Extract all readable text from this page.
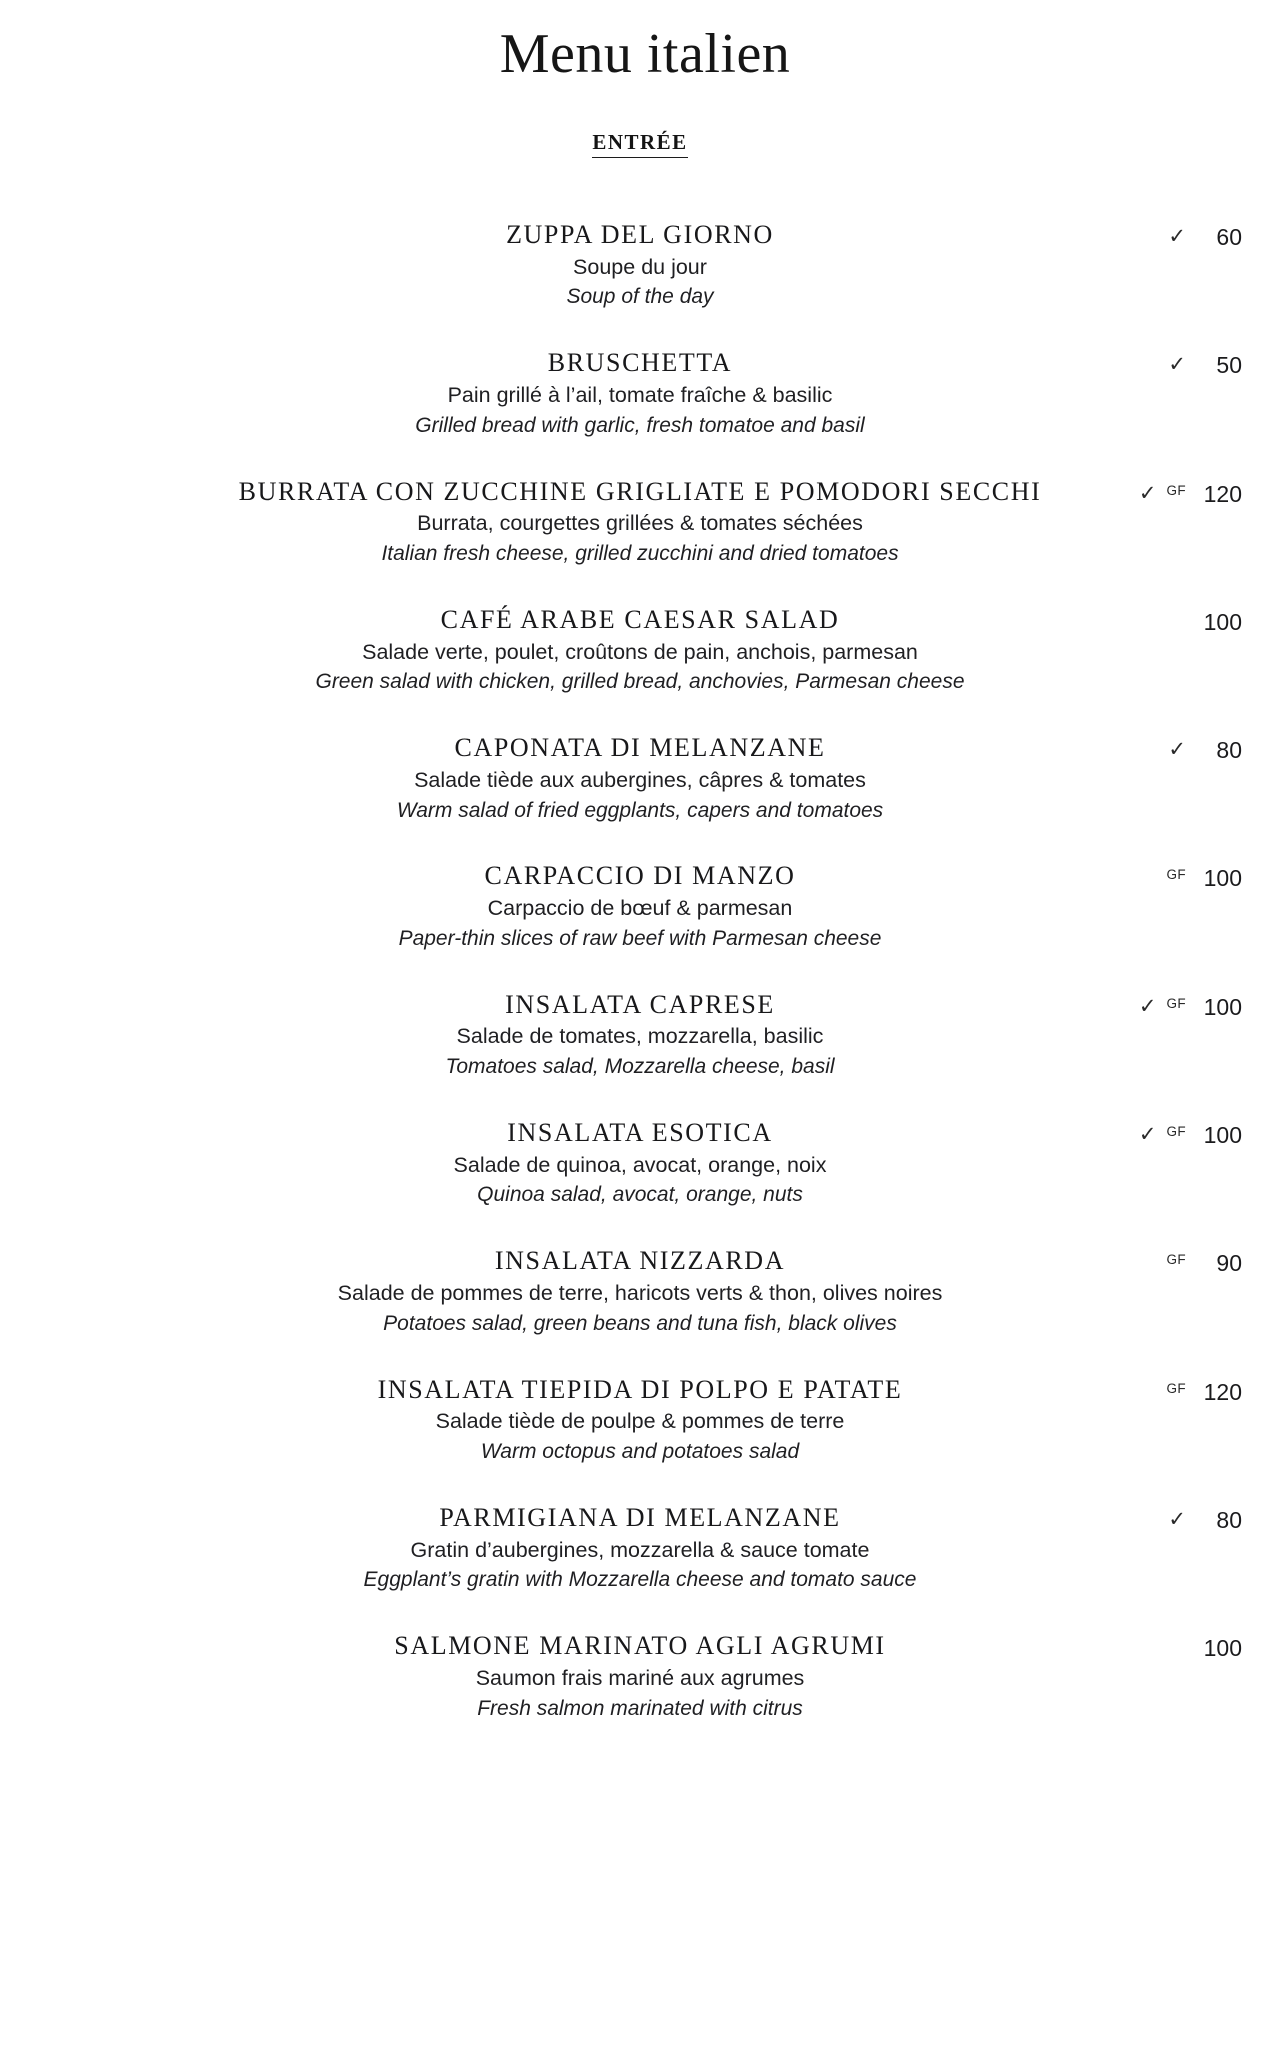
Menu italien
ENTRÉE
ZUPPA DEL GIORNO
Soupe du jour
Soup of the day
✓	60
BRUSCHETTA
Pain grillé à l’ail, tomate fraîche & basilic
Grilled bread with garlic, fresh tomatoe and basil
✓	50
BURRATA CON ZUCCHINE GRIGLIATE E POMODORI SECCHI
Burrata, courgettes grillées & tomates séchées
Italian fresh cheese, grilled zucchini and dried tomatoes
✓ GF 120
CAFÉ ARABE CAESAR SALAD
Salade verte, poulet, croûtons de pain, anchois, parmesan
Green salad with chicken, grilled bread, anchovies, Parmesan cheese
100
CAPONATA DI MELANZANE
Salade tiède aux aubergines, câpres & tomates
Warm salad of fried eggplants, capers and tomatoes
✓	80
CARPACCIO DI MANZO
Carpaccio de bœuf & parmesan
Paper-thin slices of raw beef with Parmesan cheese
GF 100
INSALATA CAPRESE
Salade de tomates, mozzarella, basilic
Tomatoes salad, Mozzarella cheese, basil
✓ GF 100
INSALATA ESOTICA
Salade de quinoa, avocat, orange, noix
Quinoa salad, avocat, orange, nuts
✓ GF 100
INSALATA NIZZARDA
Salade de pommes de terre, haricots verts & thon, olives noires
Potatoes salad, green beans and tuna fish, black olives
GF	90
INSALATA TIEPIDA DI POLPO E PATATE
Salade tiède de poulpe & pommes de terre
Warm octopus and potatoes salad
GF 120
PARMIGIANA DI MELANZANE
Gratin d’aubergines, mozzarella & sauce tomate
Eggplant’s gratin with Mozzarella cheese and tomato sauce
✓	80
SALMONE MARINATO AGLI AGRUMI
Saumon frais mariné aux agrumes
Fresh salmon marinated with citrus
100
